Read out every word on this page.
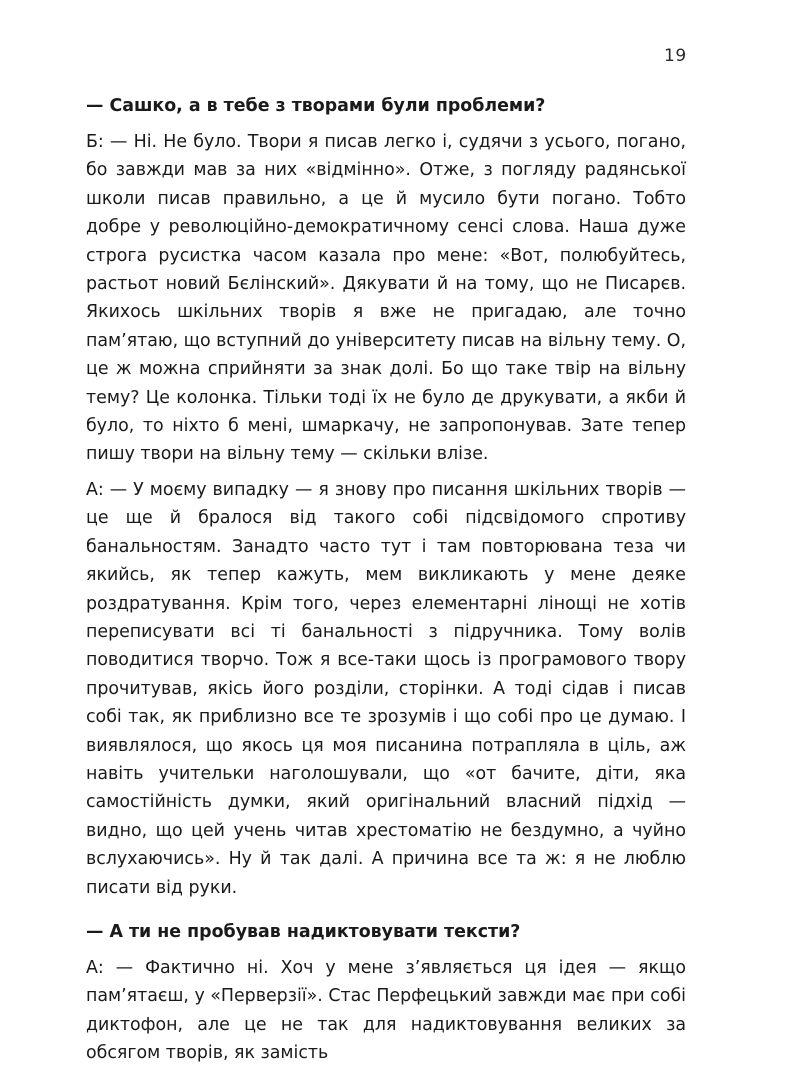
19

— Сашко, а в тебе з творами були проблеми?

Б: — Ні. Не було. Твори я писав легко і, судячи з усього, погано, бо завжди мав за них «відмінно». Отже, з погляду радянської школи писав правильно, а це й мусило бути погано. Тобто добре у революційно-демократичному сенсі слова. Наша дуже строга русистка часом казала про мене: «Вот, полюбуйтесь, растьот новий Бєлінский». Дякувати й на тому, що не Писарєв. Якихось шкільних творів я вже не пригадаю, але точно пам’ятаю, що вступний до університету писав на вільну тему. О, це ж можна сприйняти за знак долі. Бо що таке твір на вільну тему? Це колонка. Тільки тоді їх не було де друкувати, а якби й було, то ніхто б мені, шмаркачу, не запропонував. Зате тепер пишу твори на вільну тему — скільки влізе.

А: — У моєму випадку — я знову про писання шкільних творів — це ще й бралося від такого собі підсвідомого спротиву банальностям. Занадто часто тут і там повторювана теза чи якийсь, як тепер кажуть, мем викликають у мене деяке роздратування. Крім того, через елементарні лінощі не хотів переписувати всі ті банальності з підручника. Тому волів поводитися творчо. Тож я все-таки щось із програмового твору прочитував, якісь його розділи, сторінки. А тоді сідав і писав собі так, як приблизно все те зрозумів і що собі про це думаю. І виявлялося, що якось ця моя писанина потрапляла в ціль, аж навіть учительки наголошували, що «от бачите, діти, яка самостійність думки, який оригінальний власний підхід — видно, що цей учень читав хрестоматію не бездумно, а чуйно вслухаючись». Ну й так далі. А причина все та ж: я не люблю писати від руки.

— А ти не пробував надиктовувати тексти?

А: — Фактично ні. Хоч у мене з’являється ця ідея — якщо пам’ятаєш, у «Перверзії». Стас Перфецький завжди має при собі диктофон, але це не так для надиктовування великих за обсягом творів, як замість
